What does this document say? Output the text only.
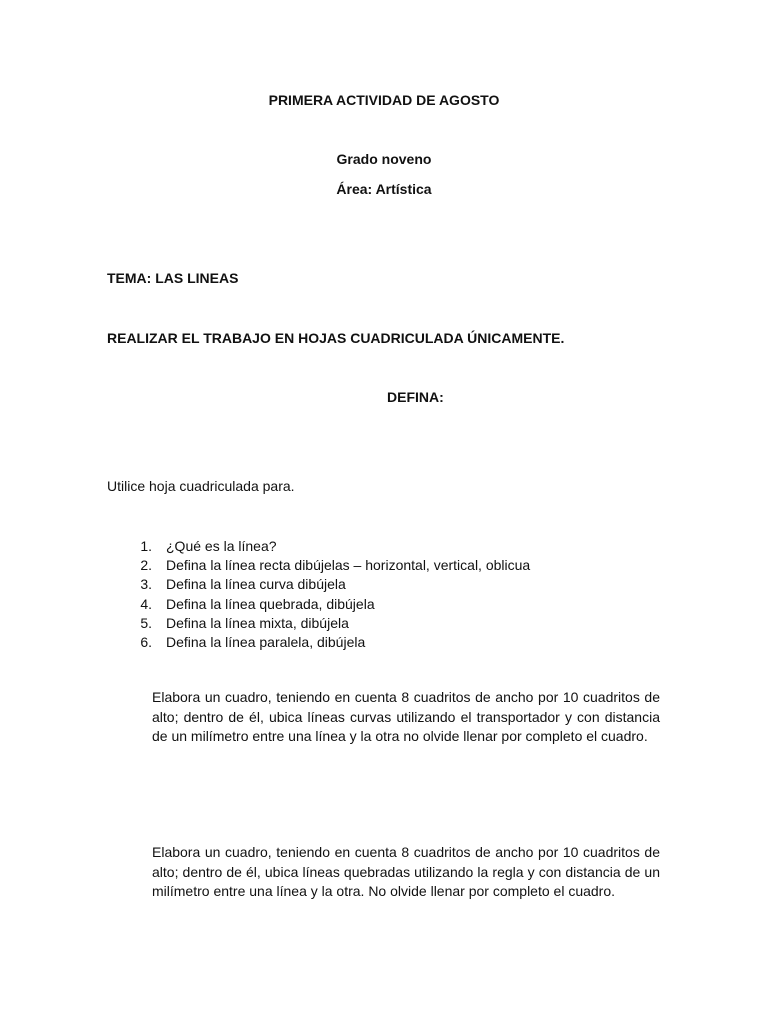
PRIMERA ACTIVIDAD DE AGOSTO
Grado noveno
Área: Artística
TEMA: LAS LINEAS
REALIZAR EL TRABAJO EN HOJAS CUADRICULADA ÚNICAMENTE.
DEFINA:
Utilice hoja cuadriculada para.
1. ¿Qué es la línea?
2. Defina la línea recta dibújelas – horizontal, vertical, oblicua
3. Defina la línea curva dibújela
4. Defina la línea quebrada, dibújela
5. Defina la línea mixta, dibújela
6. Defina la línea paralela, dibújela
Elabora un cuadro, teniendo en cuenta 8 cuadritos de ancho por 10 cuadritos de alto; dentro de él, ubica líneas curvas utilizando el transportador y con distancia de un milímetro entre una línea y la otra no olvide llenar por completo el cuadro.
Elabora un cuadro, teniendo en cuenta 8 cuadritos de ancho por 10 cuadritos de alto; dentro de él, ubica líneas quebradas utilizando la regla y con distancia de un milímetro entre una línea y la otra. No olvide llenar por completo el cuadro.
